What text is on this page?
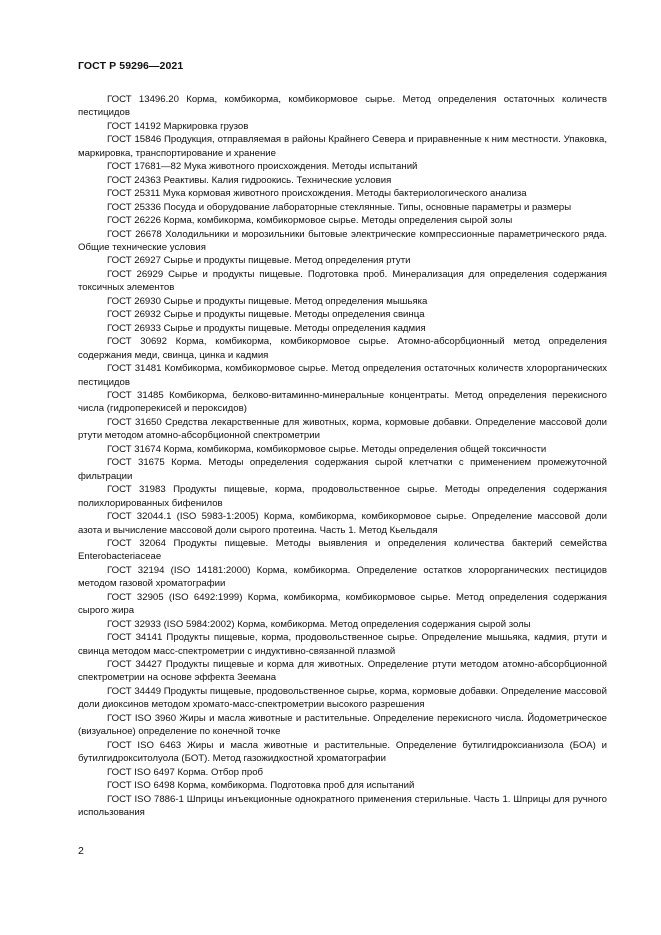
ГОСТ Р 59296—2021
ГОСТ 13496.20 Корма, комбикорма, комбикормовое сырье. Метод определения остаточных количеств пестицидов
ГОСТ 14192 Маркировка грузов
ГОСТ 15846 Продукция, отправляемая в районы Крайнего Севера и приравненные к ним местности. Упаковка, маркировка, транспортирование и хранение
ГОСТ 17681—82 Мука животного происхождения. Методы испытаний
ГОСТ 24363 Реактивы. Калия гидроокись. Технические условия
ГОСТ 25311 Мука кормовая животного происхождения. Методы бактериологического анализа
ГОСТ 25336 Посуда и оборудование лабораторные стеклянные. Типы, основные параметры и размеры
ГОСТ 26226 Корма, комбикорма, комбикормовое сырье. Методы определения сырой золы
ГОСТ 26678 Холодильники и морозильники бытовые электрические компрессионные параметрического ряда. Общие технические условия
ГОСТ 26927 Сырье и продукты пищевые. Метод определения ртути
ГОСТ 26929 Сырье и продукты пищевые. Подготовка проб. Минерализация для определения содержания токсичных элементов
ГОСТ 26930 Сырье и продукты пищевые. Метод определения мышьяка
ГОСТ 26932 Сырье и продукты пищевые. Методы определения свинца
ГОСТ 26933 Сырье и продукты пищевые. Методы определения кадмия
ГОСТ 30692 Корма, комбикорма, комбикормовое сырье. Атомно-абсорбционный метод определения содержания меди, свинца, цинка и кадмия
ГОСТ 31481 Комбикорма, комбикормовое сырье. Метод определения остаточных количеств хлорорганических пестицидов
ГОСТ 31485 Комбикорма, белково-витаминно-минеральные концентраты. Метод определения перекисного числа (гидроперекисей и пероксидов)
ГОСТ 31650 Средства лекарственные для животных, корма, кормовые добавки. Определение массовой доли ртути методом атомно-абсорбционной спектрометрии
ГОСТ 31674 Корма, комбикорма, комбикормовое сырье. Методы определения общей токсичности
ГОСТ 31675 Корма. Методы определения содержания сырой клетчатки с применением промежуточной фильтрации
ГОСТ 31983 Продукты пищевые, корма, продовольственное сырье. Методы определения содержания полихлорированных бифенилов
ГОСТ 32044.1 (ISO 5983-1:2005) Корма, комбикорма, комбикормовое сырье. Определение массовой доли азота и вычисление массовой доли сырого протеина. Часть 1. Метод Кьельдаля
ГОСТ 32064 Продукты пищевые. Методы выявления и определения количества бактерий семейства Enterobacteriaceae
ГОСТ 32194 (ISO 14181:2000) Корма, комбикорма. Определение остатков хлорорганических пестицидов методом газовой хроматографии
ГОСТ 32905 (ISO 6492:1999) Корма, комбикорма, комбикормовое сырье. Метод определения содержания сырого жира
ГОСТ 32933 (ISO 5984:2002) Корма, комбикорма. Метод определения содержания сырой золы
ГОСТ 34141 Продукты пищевые, корма, продовольственное сырье. Определение мышьяка, кадмия, ртути и свинца методом масс-спектрометрии с индуктивно-связанной плазмой
ГОСТ 34427 Продукты пищевые и корма для животных. Определение ртути методом атомно-абсорбционной спектрометрии на основе эффекта Зеемана
ГОСТ 34449 Продукты пищевые, продовольственное сырье, корма, кормовые добавки. Определение массовой доли диоксинов методом хромато-масс-спектрометрии высокого разрешения
ГОСТ ISO 3960 Жиры и масла животные и растительные. Определение перекисного числа. Йодометрическое (визуальное) определение по конечной точке
ГОСТ ISO 6463 Жиры и масла животные и растительные. Определение бутилгидроксианизола (БОА) и бутилгидрокситолуола (БОТ). Метод газожидкостной хроматографии
ГОСТ ISO 6497 Корма. Отбор проб
ГОСТ ISO 6498 Корма, комбикорма. Подготовка проб для испытаний
ГОСТ ISO 7886-1 Шприцы инъекционные однократного применения стерильные. Часть 1. Шприцы для ручного использования
2
